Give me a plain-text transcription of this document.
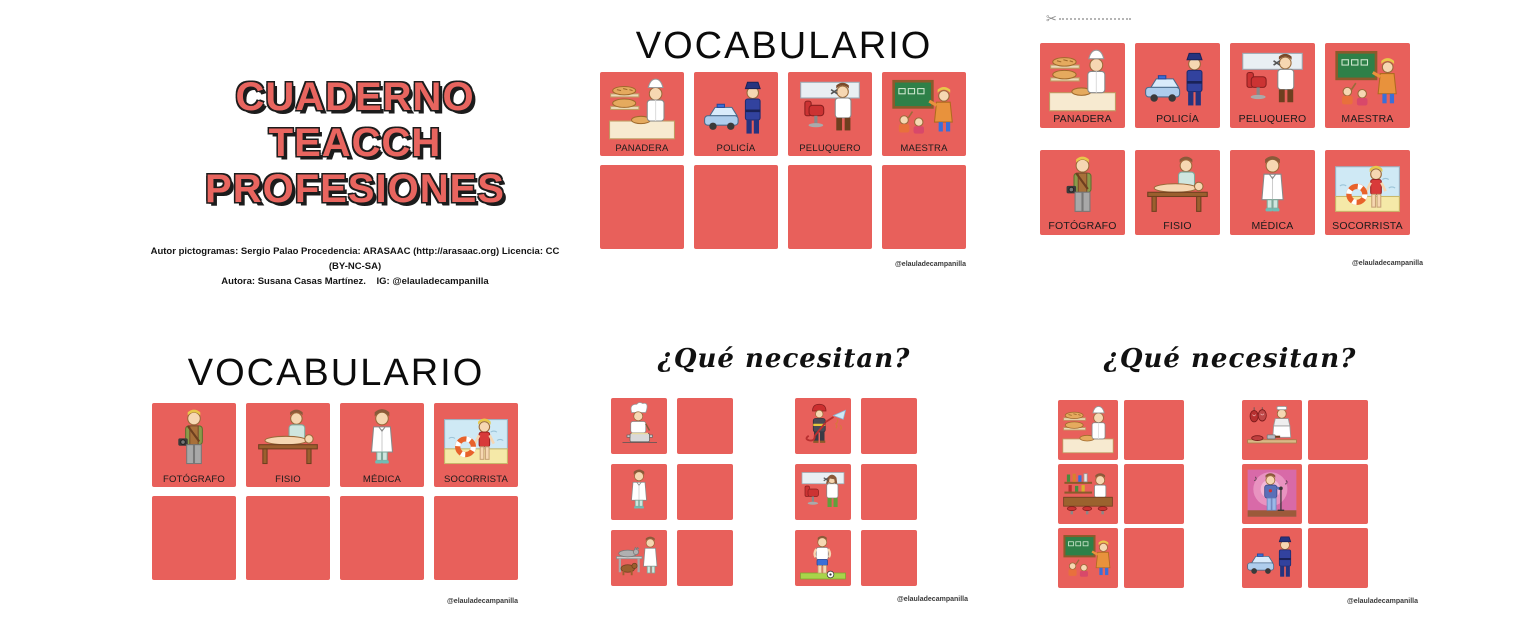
CUADERNO
TEACCH
PROFESIONES
Autor pictogramas: Sergio Palao Procedencia: ARASAAC (http://arasaac.org) Licencia: CC (BY-NC-SA)
Autora: Susana Casas Martínez.    IG: @elauladecampanilla
VOCABULARIO
PANADERA	POLICÍA	PELUQUERO	MAESTRA
@elauladecampanilla
✂
PANADERA	POLICÍA	PELUQUERO	MAESTRA
FOTÓGRAFO	FISIO	MÉDICA	SOCORRISTA
@elauladecampanilla
VOCABULARIO
FOTÓGRAFO	FISIO	MÉDICA	SOCORRISTA
@elauladecampanilla
¿Qué necesitan?
@elauladecampanilla
¿Qué necesitan?
♪	♪
@elauladecampanilla
